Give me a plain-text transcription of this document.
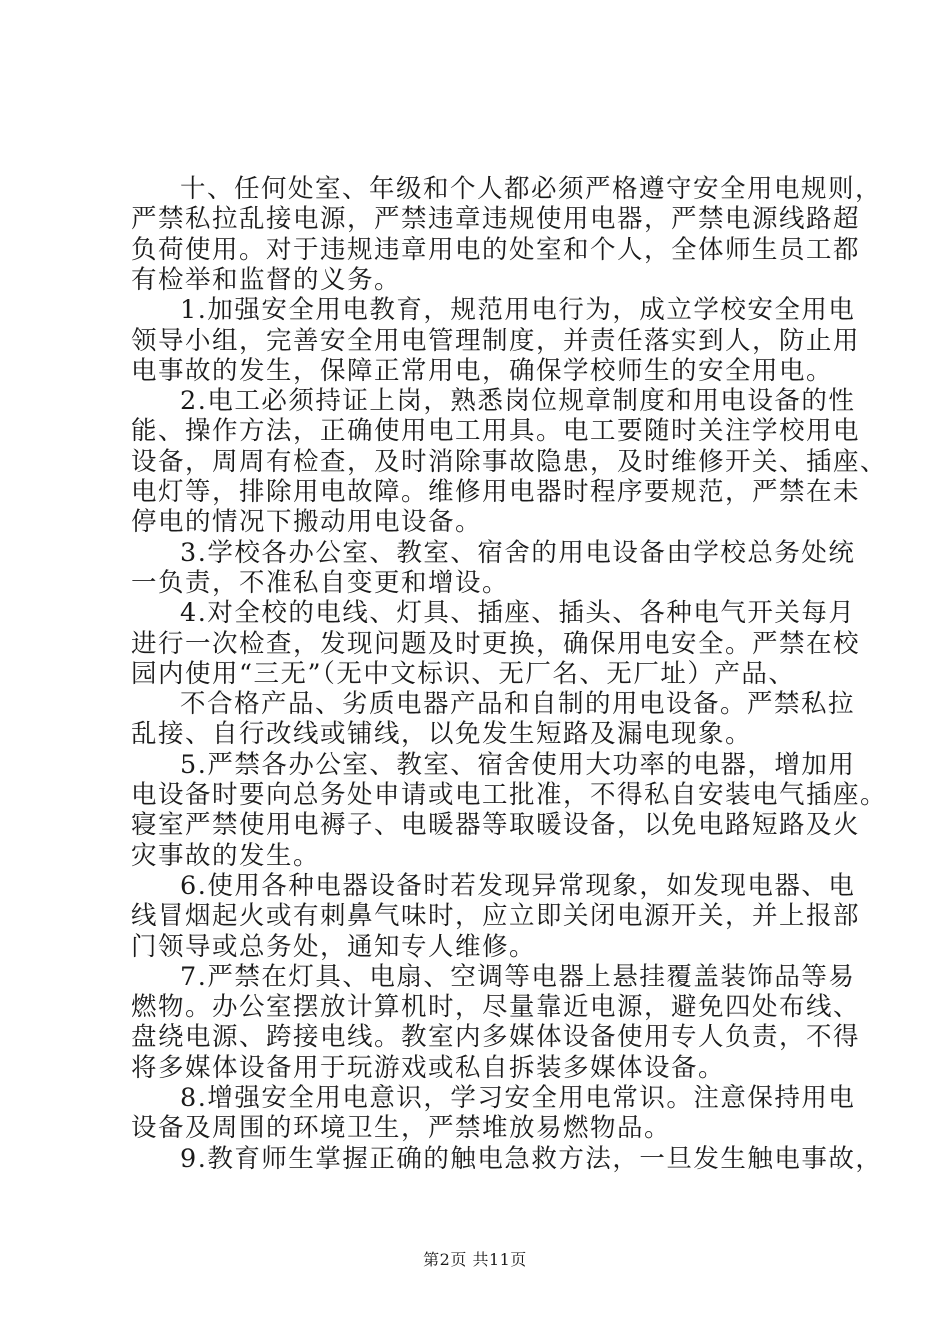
十、任何处室、年级和个人都必须严格遵守安全用电规则，
严禁私拉乱接电源，严禁违章违规使用电器，严禁电源线路超
负荷使用。对于违规违章用电的处室和个人，全体师生员工都
有检举和监督的义务。
1.加强安全用电教育，规范用电行为，成立学校安全用电
领导小组，完善安全用电管理制度，并责任落实到人，防止用
电事故的发生，保障正常用电，确保学校师生的安全用电。
2.电工必须持证上岗，熟悉岗位规章制度和用电设备的性
能、操作方法，正确使用电工用具。电工要随时关注学校用电
设备，周周有检查，及时消除事故隐患，及时维修开关、插座、
电灯等，排除用电故障。维修用电器时程序要规范，严禁在未
停电的情况下搬动用电设备。
3.学校各办公室、教室、宿舍的用电设备由学校总务处统
一负责，不准私自变更和增设。
4.对全校的电线、灯具、插座、插头、各种电气开关每月
进行一次检查，发现问题及时更换，确保用电安全。严禁在校
园内使用“三无”（无中文标识、无厂名、无厂址）产品、
不合格产品、劣质电器产品和自制的用电设备。严禁私拉
乱接、自行改线或铺线，以免发生短路及漏电现象。
5.严禁各办公室、教室、宿舍使用大功率的电器，增加用
电设备时要向总务处申请或电工批准，不得私自安装电气插座。
寝室严禁使用电褥子、电暖器等取暖设备，以免电路短路及火
灾事故的发生。
6.使用各种电器设备时若发现异常现象，如发现电器、电
线冒烟起火或有刺鼻气味时，应立即关闭电源开关，并上报部
门领导或总务处，通知专人维修。
7.严禁在灯具、电扇、空调等电器上悬挂覆盖装饰品等易
燃物。办公室摆放计算机时，尽量靠近电源，避免四处布线、
盘绕电源、跨接电线。教室内多媒体设备使用专人负责，不得
将多媒体设备用于玩游戏或私自拆装多媒体设备。
8.增强安全用电意识，学习安全用电常识。注意保持用电
设备及周围的环境卫生，严禁堆放易燃物品。
9.教育师生掌握正确的触电急救方法，一旦发生触电事故，
第2页 共11页
